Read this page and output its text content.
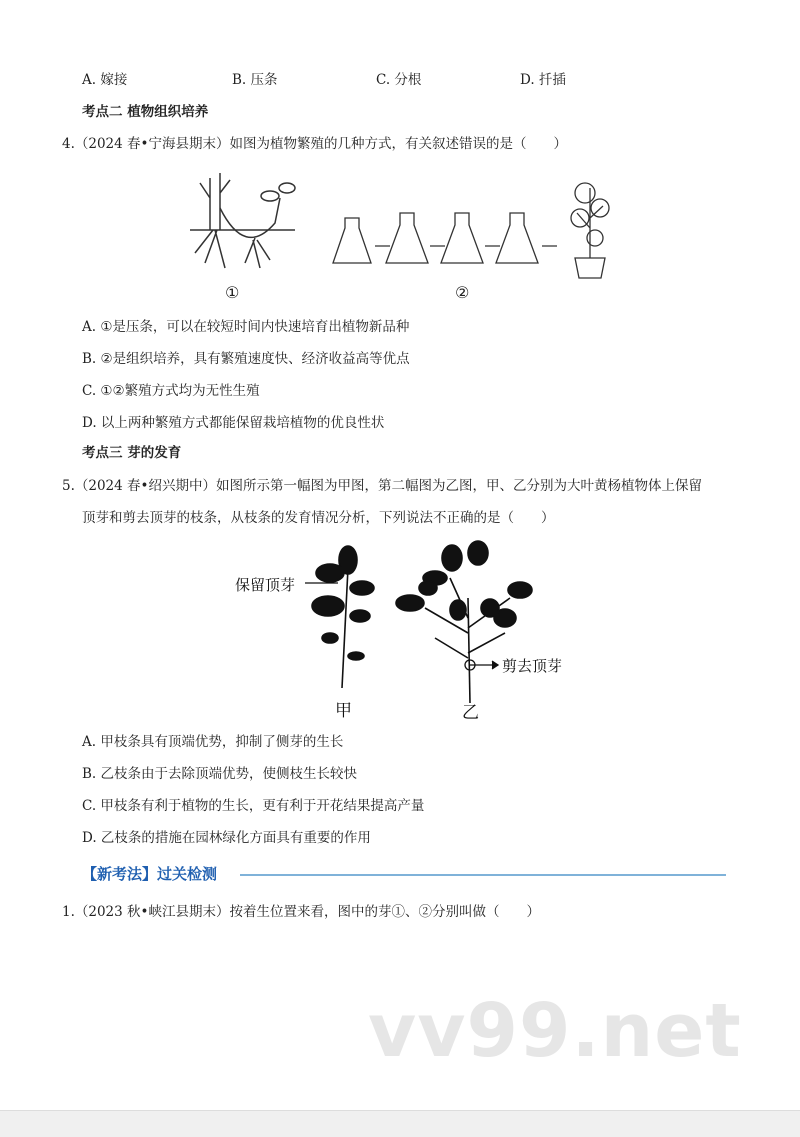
A. 嫁接	B. 压条	C. 分根	D. 扦插
考点二 植物组织培养
4.（2024 春•宁海县期末）如图为植物繁殖的几种方式，有关叙述错误的是（　　）
①	②
A. ①是压条，可以在较短时间内快速培育出植物新品种
B. ②是组织培养，具有繁殖速度快、经济收益高等优点
C. ①②繁殖方式均为无性生殖
D. 以上两种繁殖方式都能保留栽培植物的优良性状
考点三 芽的发育
5.（2024 春•绍兴期中）如图所示第一幅图为甲图，第二幅图为乙图，甲、乙分别为大叶黄杨植物体上保留
顶芽和剪去顶芽的枝条，从枝条的发育情况分析，下列说法不正确的是（　　）
保留顶芽
剪去顶芽
甲	乙
A. 甲枝条具有顶端优势，抑制了侧芽的生长
B. 乙枝条由于去除顶端优势，使侧枝生长较快
C. 甲枝条有利于植物的生长，更有利于开花结果提高产量
D. 乙枝条的措施在园林绿化方面具有重要的作用
【新考法】过关检测
1.（2023 秋•峡江县期末）按着生位置来看，图中的芽①、②分别叫做（　　）
vv99.net
